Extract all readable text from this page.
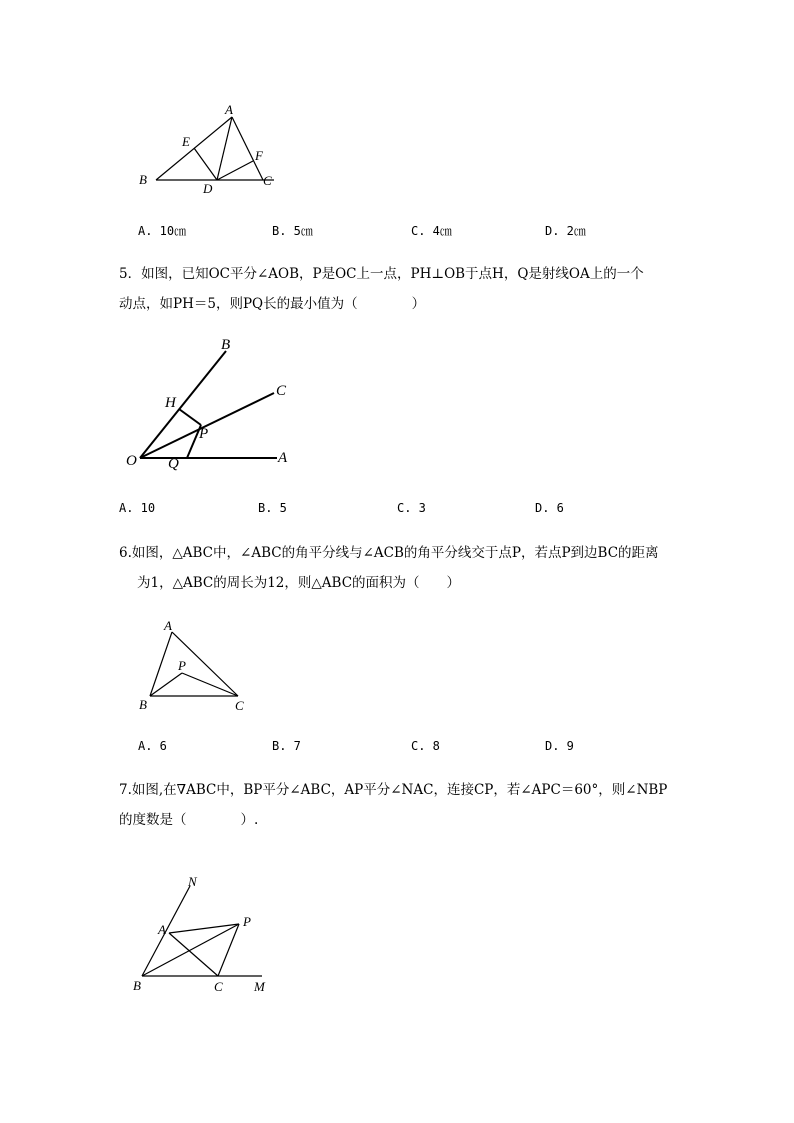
A
E
F
B
D
C
A. 10㎝	B. 5㎝	C. 4㎝	D. 2㎝
5．如图，已知OC平分∠AOB，P是OC上一点，PH⊥OB于点H，Q是射线OA上的一个
动点，如PH＝5，则PQ长的最小值为（　　　　）
B
C
H
P
O Q	A
A. 10	B. 5	C. 3	D. 6
6.如图，△ABC中，∠ABC的角平分线与∠ACB的角平分线交于点P，若点P到边BC的距离
为1，△ABC的周长为12，则△ABC的面积为（　　）
A
P
B	C
A. 6	B. 7	C. 8	D. 9
7.如图,在∇ABC中，BP平分∠ABC，AP平分∠NAC，连接CP，若∠APC＝60°，则∠NBP
的度数是（　　　　）.
N
A
P
B	C M
